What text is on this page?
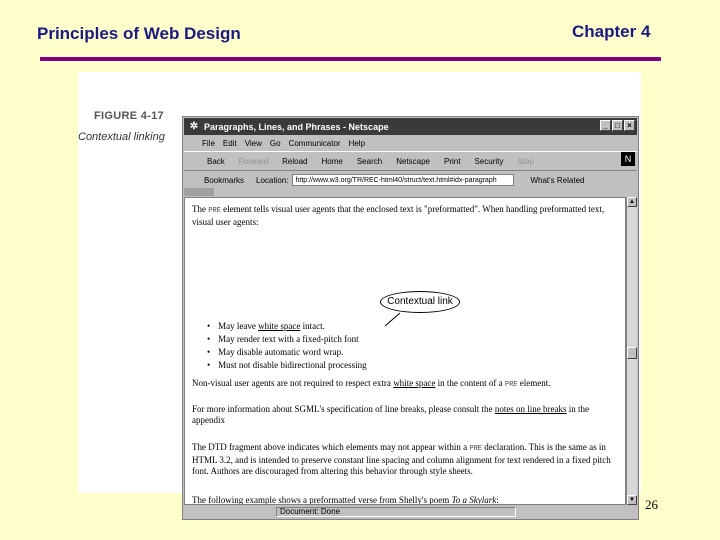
Principles of Web Design	Chapter 4
FIGURE 4-17
Contextual linking
✲ Paragraphs, Lines, and Phrases - Netscape	_ □ ×
File Edit View Go Communicator Help
Back Forward Reload Home Search Netscape Print Security Stop	N
Bookmarks Location:	http://www.w3.org/TR/REC-html40/struct/text.html#idx-paragraph	What's Related

The PRE element tells visual user agents that the enclosed text is "preformatted". When handling preformatted text, visual user agents:

• May leave white space intact.
• May render text with a fixed-pitch font
• May disable automatic word wrap.
• Must not disable bidirectional processing

Non-visual user agents are not required to respect extra white space in the content of a PRE element.

For more information about SGML's specification of line breaks, please consult the notes on line breaks in the appendix

The DTD fragment above indicates which elements may not appear within a PRE declaration. This is the same as in HTML 3.2, and is intended to preserve constant line spacing and column alignment for text rendered in a fixed pitch font. Authors are discouraged from altering this behavior through style sheets.

The following example shows a preformatted verse from Shelly's poem To a Skylark:

Contextual link
▲
▼
Document: Done	26
